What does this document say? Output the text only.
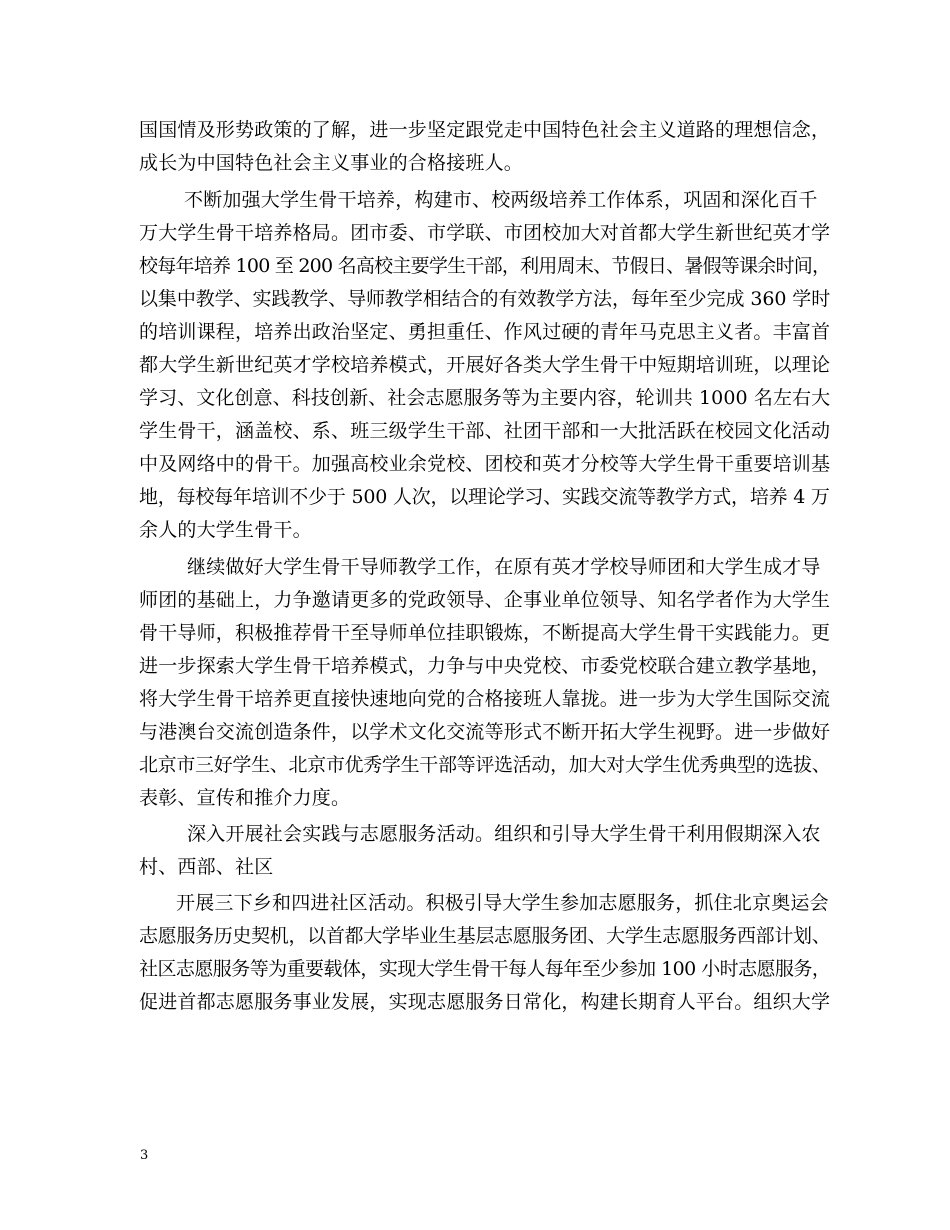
国国情及形势政策的了解，进一步坚定跟党走中国特色社会主义道路的理想信念，
成长为中国特色社会主义事业的合格接班人。
不断加强大学生骨干培养，构建市、校两级培养工作体系，巩固和深化百千
万大学生骨干培养格局。团市委、市学联、市团校加大对首都大学生新世纪英才学
校每年培养 100 至 200 名高校主要学生干部，利用周末、节假日、暑假等课余时间，
以集中教学、实践教学、导师教学相结合的有效教学方法，每年至少完成 360 学时
的培训课程，培养出政治坚定、勇担重任、作风过硬的青年马克思主义者。丰富首
都大学生新世纪英才学校培养模式，开展好各类大学生骨干中短期培训班，以理论
学习、文化创意、科技创新、社会志愿服务等为主要内容，轮训共 1000 名左右大
学生骨干，涵盖校、系、班三级学生干部、社团干部和一大批活跃在校园文化活动
中及网络中的骨干。加强高校业余党校、团校和英才分校等大学生骨干重要培训基
地，每校每年培训不少于 500 人次，以理论学习、实践交流等教学方式，培养 4 万
余人的大学生骨干。
继续做好大学生骨干导师教学工作，在原有英才学校导师团和大学生成才导
师团的基础上，力争邀请更多的党政领导、企事业单位领导、知名学者作为大学生
骨干导师，积极推荐骨干至导师单位挂职锻炼，不断提高大学生骨干实践能力。更
进一步探索大学生骨干培养模式，力争与中央党校、市委党校联合建立教学基地，
将大学生骨干培养更直接快速地向党的合格接班人靠拢。进一步为大学生国际交流
与港澳台交流创造条件，以学术文化交流等形式不断开拓大学生视野。进一步做好
北京市三好学生、北京市优秀学生干部等评选活动，加大对大学生优秀典型的选拔、
表彰、宣传和推介力度。
深入开展社会实践与志愿服务活动。组织和引导大学生骨干利用假期深入农
村、西部、社区
开展三下乡和四进社区活动。积极引导大学生参加志愿服务，抓住北京奥运会
志愿服务历史契机，以首都大学毕业生基层志愿服务团、大学生志愿服务西部计划、
社区志愿服务等为重要载体，实现大学生骨干每人每年至少参加 100 小时志愿服务，
促进首都志愿服务事业发展，实现志愿服务日常化，构建长期育人平台。组织大学
3
